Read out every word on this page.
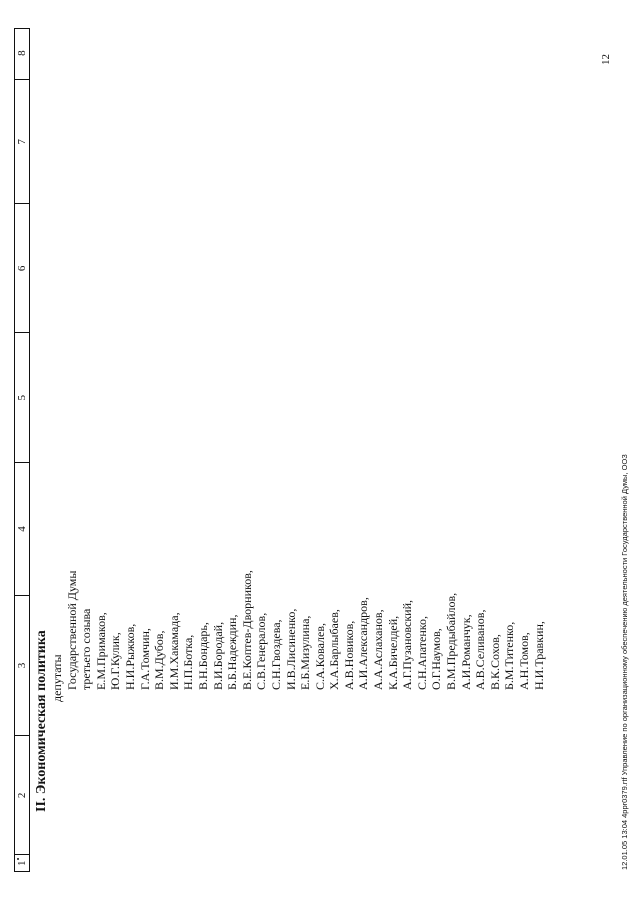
1
•
2
3
4
5
6
7
8
II. Экономическая политика депутаты Государственной Думы третьего созыва Е.М.Примаков, Ю.Г.Кулик, Н.И.Рыжков, Г.А.Томчин, В.М.Дубов, И.М.Хакамада, Н.П.Ботка, В.Н.Бондарь, В.И.Бородай, Б.Б.Надеждин, В.Е.Коптев-Дворников, С.В.Генералов, С.Н.Гвоздева, И.В.Лисиненко, Е.Б.Мизулина, С.А.Ковалев, Х.А.Барлыбаев, А.В.Новиков, А.И.Александров, А.А.Аслаханов, К.А.Бичелдей, А.Г.Пузановский, С.Н.Апатенко, О.Г.Наумов, В.М.Предыбайлов, А.И.Романчук, А.В.Селиванов, В.К.Сохов, Б.М.Титенко, А.Н.Томов, Н.И.Травкин,
12
12.01.05 13:04 4ppr0379.rtf Управление по организационному обеспечению деятельности Государственной Думы, ООЗ
